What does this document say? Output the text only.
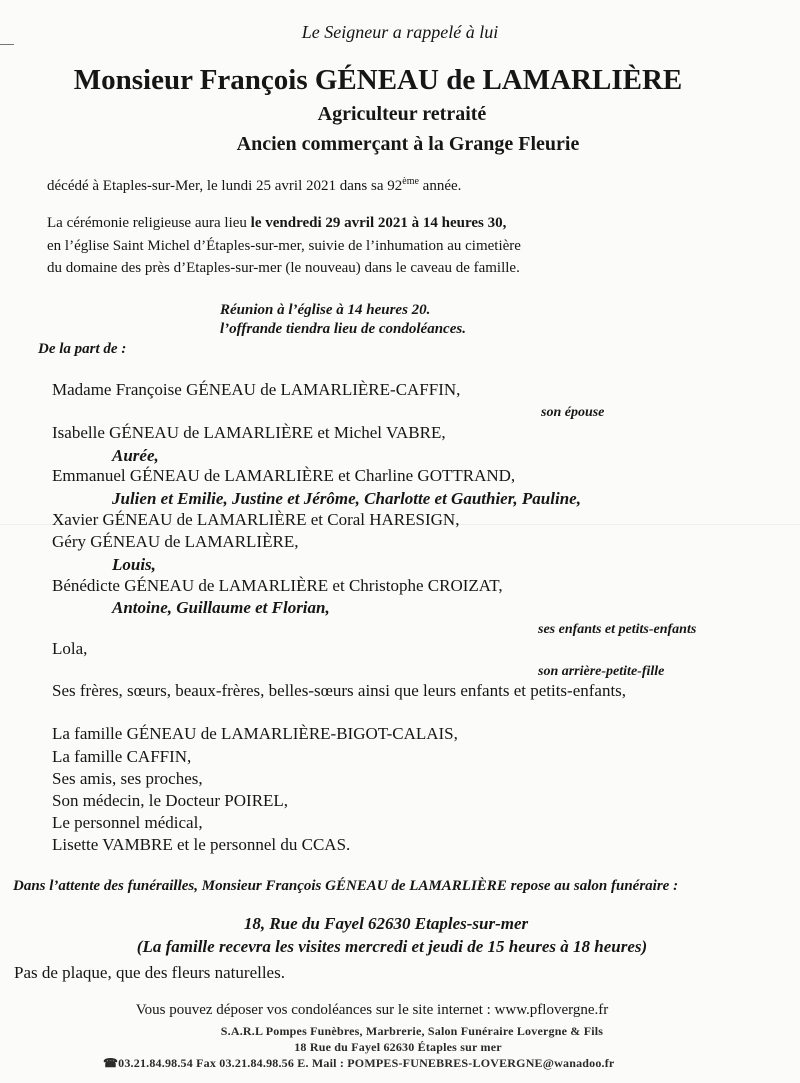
Le Seigneur a rappelé à lui
Monsieur François GÉNEAU de LAMARLIÈRE
Agriculteur retraité
Ancien commerçant à la Grange Fleurie
décédé à Etaples-sur-Mer, le lundi 25 avril 2021 dans sa 92ème année.
La cérémonie religieuse aura lieu le vendredi 29 avril 2021 à 14 heures 30,
en l’église Saint Michel d’Étaples-sur-mer, suivie de l’inhumation au cimetière
du domaine des près d’Etaples-sur-mer (le nouveau) dans le caveau de famille.
Réunion à l’église à 14 heures 20.
l’offrande tiendra lieu de condoléances.
De la part de :
Madame Françoise GÉNEAU de LAMARLIÈRE-CAFFIN,
son épouse
Isabelle GÉNEAU de LAMARLIÈRE et Michel VABRE,
Aurée,
Emmanuel GÉNEAU de LAMARLIÈRE et Charline GOTTRAND,
Julien et Emilie, Justine et Jérôme, Charlotte et Gauthier, Pauline,
Xavier GÉNEAU de LAMARLIÈRE et Coral HARESIGN,
Géry GÉNEAU de LAMARLIÈRE,
Louis,
Bénédicte GÉNEAU de LAMARLIÈRE et Christophe CROIZAT,
Antoine, Guillaume et Florian,
ses enfants et petits-enfants
Lola,
son arrière-petite-fille
Ses frères, sœurs, beaux-frères, belles-sœurs ainsi que leurs enfants et petits-enfants,
La famille GÉNEAU de LAMARLIÈRE-BIGOT-CALAIS,
La famille CAFFIN,
Ses amis, ses proches,
Son médecin, le Docteur POIREL,
Le personnel médical,
Lisette VAMBRE et le personnel du CCAS.
Dans l’attente des funérailles, Monsieur François GÉNEAU de LAMARLIÈRE repose au salon funéraire :
18, Rue du Fayel 62630 Etaples-sur-mer
(La famille recevra les visites mercredi et jeudi de 15 heures à 18 heures)
Pas de plaque, que des fleurs naturelles.
Vous pouvez déposer vos condoléances sur le site internet : www.pflovergne.fr
S.A.R.L Pompes Funèbres, Marbrerie, Salon Funéraire Lovergne & Fils
18 Rue du Fayel 62630 Étaples sur mer
☎03.21.84.98.54 Fax 03.21.84.98.56 E. Mail : POMPES-FUNEBRES-LOVERGNE@wanadoo.fr
